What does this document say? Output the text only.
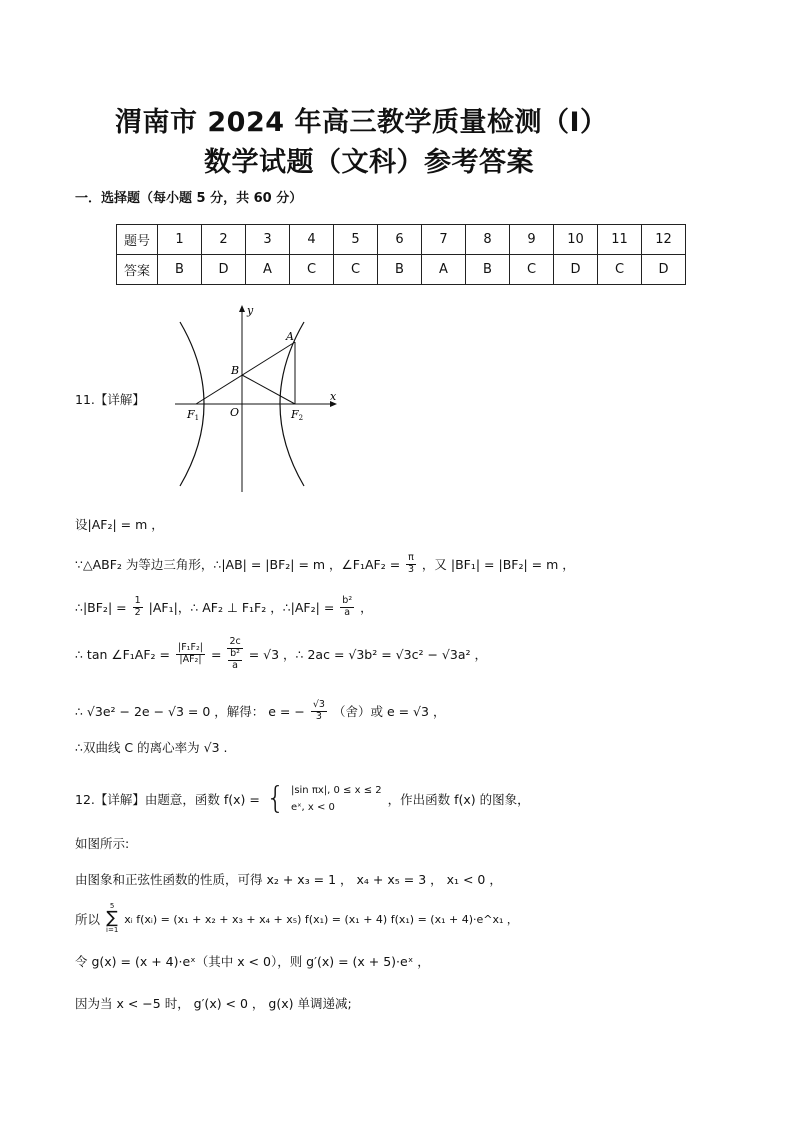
渭南市 2024 年高三教学质量检测（I）
数学试题（文科）参考答案
一．选择题（每小题 5 分，共 60 分）
题号	1	2	3	4	5	6	7	8	9	10	11	12
答案	B	D	A	C	C	B	A	B	C	D	C	D
11.【详解】
y
x
A
B
O
F1	F2
设|AF₂| = m ，
∵△ABF₂ 为等边三角形，∴|AB| = |BF₂| = m ，∠F₁AF₂ = $\frac{\pi}{3}$ ，又 |BF₁| = |BF₂| = m ，
∴|BF₂| = $\frac{1}{2} |AF_1|$，∴ AF₂ ⊥ F₁F₂ ，∴|AF₂| = $\frac{\text{b²}}{a}$ ，
∴ tan ∠F₁AF₂ = $\frac{\text{|F₁F₂|}}{\text{|AF₂|}}$ =
2c
b²
a
= √3 ，∴ 2ac = √3b² = √3c² − √3a² ，
∴ √3e² − 2e − √3 = 0 ，解得： e = − $\frac{√3}{3}$ （舍）或 e = √3 ，
∴双曲线 C 的离心率为 √3 .
12.【详解】由题意，函数 f(x) = { |sin πx|, 0 ≤ x ≤ 2
eˣ, x < 0
，作出函数 f(x) 的图象，
如图所示:
由图象和正弦性函数的性质，可得 x₂ + x₃ = 1 ， x₄ + x₅ = 3 ， x₁ < 0 ，
所以
5
∑
i=1
xᵢ f(xᵢ) = (x₁ + x₂ + x₃ + x₄ + x₅) f(x₁) = (x₁ + 4) f(x₁) = (x₁ + 4)·e^x₁ ，
令 g(x) = (x + 4)·eˣ（其中 x < 0），则 g′(x) = (x + 5)·eˣ ，
因为当 x < −5 时， g′(x) < 0 ， g(x) 单调递减;
